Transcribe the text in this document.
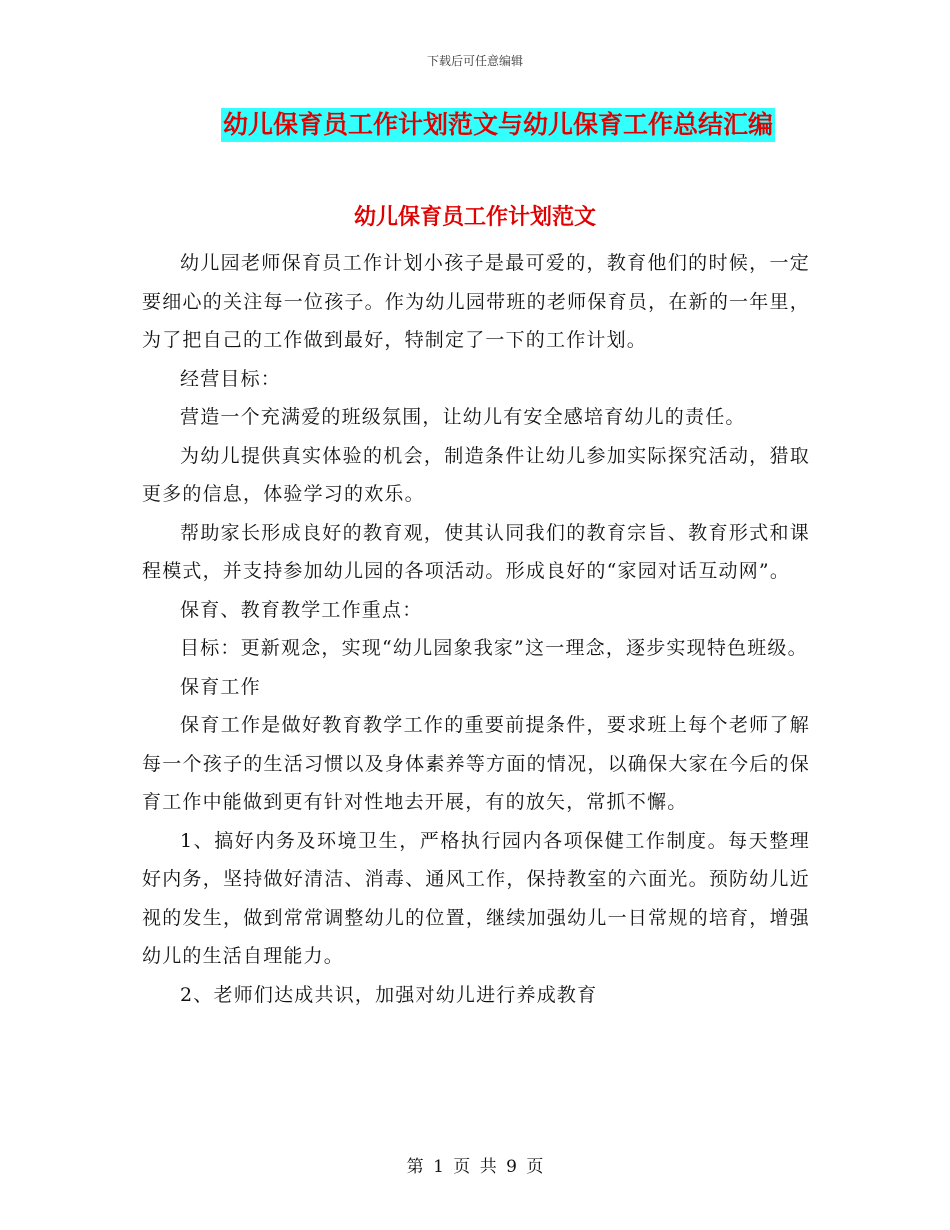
下载后可任意编辑
幼儿保育员工作计划范文与幼儿保育工作总结汇编
幼儿保育员工作计划范文

幼儿园老师保育员工作计划小孩子是最可爱的，教育他们的时候，一定要细心的关注每一位孩子。作为幼儿园带班的老师保育员，在新的一年里，为了把自己的工作做到最好，特制定了一下的工作计划。

经营目标：

营造一个充满爱的班级氛围，让幼儿有安全感培育幼儿的责任。

为幼儿提供真实体验的机会，制造条件让幼儿参加实际探究活动，猎取更多的信息，体验学习的欢乐。

帮助家长形成良好的教育观，使其认同我们的教育宗旨、教育形式和课程模式，并支持参加幼儿园的各项活动。形成良好的“家园对话互动网”。

保育、教育教学工作重点：

目标：更新观念，实现“幼儿园象我家”这一理念，逐步实现特色班级。

保育工作

保育工作是做好教育教学工作的重要前提条件，要求班上每个老师了解每一个孩子的生活习惯以及身体素养等方面的情况，以确保大家在今后的保育工作中能做到更有针对性地去开展，有的放矢，常抓不懈。

1、搞好内务及环境卫生，严格执行园内各项保健工作制度。每天整理好内务，坚持做好清洁、消毒、通风工作，保持教室的六面光。预防幼儿近视的发生，做到常常调整幼儿的位置，继续加强幼儿一日常规的培育，增强幼儿的生活自理能力。

2、老师们达成共识，加强对幼儿进行养成教育

第 1 页 共 9 页
